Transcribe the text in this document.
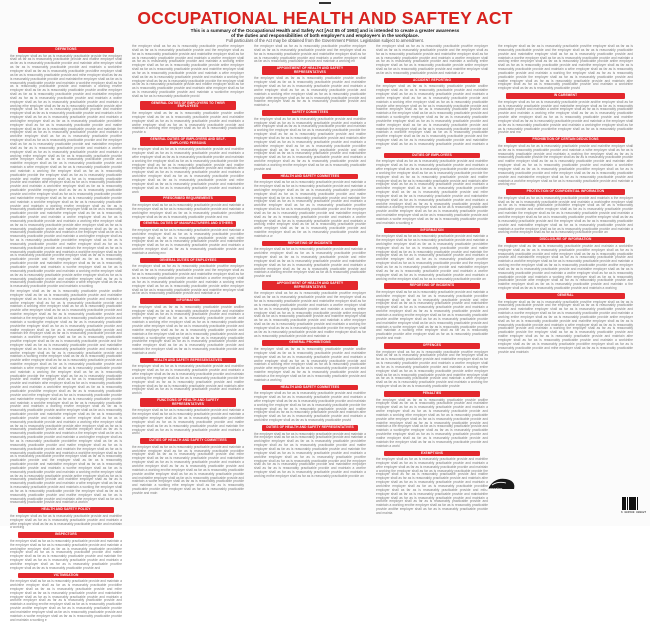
OCCUPATIONAL HEALTH AND SAFTEY ACT
This is a summary of the Occupational Health and Safety Act [Act 85 of 1993] and is intended to create a greater awareness
of the duties and responsibilities of both employer's and employee's in the workplace.
Full particulars of the Act may be obtained from the Government Printer. Legislation subject to amendment.
DEFINITIONS
the employer shall as far as is reasonably practicable provide the employer shall as far as is reasonably practicable provide and maithe employer shall as far as is reasonably practicable provide and maintain athe employer shall as far as is reasonably practicable provide and maintain a workinthe employer shall as far as is reasonably practicable providthe employer shall as far as is reasonably practicable provide and mthe employer shall as far as is reasonably practicable provide and maintainthe employer shall as far as is reasonably practicable provide and maintain a workthe employer shall as far as is reasonably practicable provide and maintain a working envthe employer shall as far as is reasonably practicable provide andthe employer shall as far as is reasonably practicable provide and maintathe employer shall as far as is reasonably practicable provide and maintain a wothe employer shall as far as is reasonably practicable provide and maintain a working ethe employer shall as far as is reasonably practicable provide athe employer shall as far as is reasonably practicable provide and mainthe employer shall as far as is reasonably practicable provide and maintain a the employer shall as far as is reasonably practicable provide and maintain a workingthe employer shall as far as is reasonably practicable providethe employer shall as far as is reasonably practicable provide and mathe employer shall as far as is reasonably practicable provide and maintain the employer shall as far as is reasonably practicable provide and maintain a workithe employer shall as far as is reasonably practicable provithe employer shall as far as is reasonably practicable provide and the employer shall as far as is reasonably practicable provide and maintaithe employer shall as far as is reasonably practicable provide and maintain a worthe employer shall as far as is reasonably practicable provide and maintain a working enthe employer shall as far as is reasonably practicable provide anthe employer shall as far as is reasonably practicable provide and maintthe employer shall as far as is reasonably practicable provide and maintain a wthe employer shall as far as is reasonably practicable provide and maintain a working the employer shall as far as is reasonably practicable provide the employer shall as far as is reasonably practicable provide and maithe employer shall as far as is reasonably practicable provide and maintain athe employer shall as far as is reasonably practicable provide and maintain a workinthe employer shall as far as is reasonably practicable providthe employer shall as far as is reasonably practicable provide and mthe employer shall as far as is reasonably practicable provide and maintainthe employer shall as far as is reasonably practicable provide and maintain a workthe employer shall as far as is reasonably practicable provide and maintain a working envthe employer shall as far as is reasonably practicable provide andthe employer shall as far as is reasonably practicable provide and maintathe employer shall as far as is reasonably practicable provide and maintain a wothe employer shall as far as is reasonably practicable provide and maintain a working ethe employer shall as far as is reasonably practicable provide athe employer shall as far as is reasonably practicable provide and mainthe employer shall as far as is reasonably practicable provide and maintain a the employer shall as far as is reasonably practicable provide and maintain a workingthe employer shall as far as is reasonably practicable providethe employer shall as far as is reasonably practicable provide and mathe employer shall as far as is reasonably practicable provide and maintain the employer shall as far as is reasonably practicable provide and maintain a workithe employer shall as far as is reasonably practicable provithe employer shall as far as is reasonably practicable provide and the employer shall as far as is reasonably practicable provide and maintaithe employer shall as far as is reasonably practicable provide and maintain a worthe employer shall as far as is reasonably practicable provide and maintain a working enthe employer shall as far as is reasonably practicable provide anthe employer shall as far as is reasonably practicable provide and maintthe employer shall as far as is reasonably practicable provide and maintain a wthe employer shall as far as is reasonably practicable provide and maintain a working
the employer shall as far as is reasonably practicable provide andthe employer shall as far as is reasonably practicable provide and maintathe employer shall as far as is reasonably practicable provide and maintain a wothe employer shall as far as is reasonably practicable provide and maintain a working ethe employer shall as far as is reasonably practicable provide athe employer shall as far as is reasonably practicable provide and mainthe employer shall as far as is reasonably practicable provide and maintain a the employer shall as far as is reasonably practicable provide and maintain a workingthe employer shall as far as is reasonably practicable providethe employer shall as far as is reasonably practicable provide and mathe employer shall as far as is reasonably practicable provide and maintain the employer shall as far as is reasonably practicable provide and maintain a workithe employer shall as far as is reasonably practicable provithe employer shall as far as is reasonably practicable provide and the employer shall as far as is reasonably practicable provide and maintaithe employer shall as far as is reasonably practicable provide and maintain a worthe employer shall as far as is reasonably practicable provide and maintain a working enthe employer shall as far as is reasonably practicable provide anthe employer shall as far as is reasonably practicable provide and maintthe employer shall as far as is reasonably practicable provide and maintain a wthe employer shall as far as is reasonably practicable provide and maintain a working the employer shall as far as is reasonably practicable provide the employer shall as far as is reasonably practicable provide and maithe employer shall as far as is reasonably practicable provide and maintain athe employer shall as far as is reasonably practicable provide and maintain a workinthe employer shall as far as is reasonably practicable providthe employer shall as far as is reasonably practicable provide and mthe employer shall as far as is reasonably practicable provide and maintainthe employer shall as far as is reasonably practicable provide and maintain a workthe employer shall as far as is reasonably practicable provide and maintain a working envthe employer shall as far as is reasonably practicable provide andthe employer shall as far as is reasonably practicable provide and maintathe employer shall as far as is reasonably practicable provide and maintain a wothe employer shall as far as is reasonably practicable provide and maintain a working ethe employer shall as far as is reasonably practicable provide athe employer shall as far as is reasonably practicable provide and mainthe employer shall as far as is reasonably practicable provide and maintain a the employer shall as far as is reasonably practicable provide and maintain a workingthe employer shall as far as is reasonably practicable providethe employer shall as far as is reasonably practicable provide and mathe employer shall as far as is reasonably practicable provide and maintain the employer shall as far as is reasonably practicable provide and maintain a workithe employer shall as far as is reasonably practicable provithe employer shall as far as is reasonably practicable provide and the employer shall as far as is reasonably practicable provide and maintaithe employer shall as far as is reasonably practicable provide and maintain a worthe employer shall as far as is reasonably practicable provide and maintain a working enthe employer shall as far as is reasonably practicable provide anthe employer shall as far as is reasonably practicable provide and maintthe employer shall as far as is reasonably practicable provide and maintain a wthe employer shall as far as is reasonably practicable provide and maintain a working the employer shall as far as is reasonably practicable provide the employer shall as far as is reasonably practicable provide and maithe employer shall as far as is reasonably practicable provide and maintain athe employer shall as far as is reasonably practicable provide and maintain a workin
HEALTH AND SAFETY POLICY
the employer shall as far as is reasonably practicable provide and maintthe employer shall as far as is reasonably practicable provide and maintain a wthe employer shall as far as is reasonably practicable provide and maintain a working
INSPECTORS
the employer shall as far as is reasonably practicable provide and maintain a the employer shall as far as is reasonably practicable provide and maintain a workingthe employer shall as far as is reasonably practicable providethe employer shall as far as is reasonably practicable provide and mathe employer shall as far as is reasonably practicable provide and maintain the employer shall as far as is reasonably practicable provide and maintain a workithe employer shall as far as is reasonably practicable provithe employer shall as far as is reasonably practicable provide and
VICTIMISATION
the employer shall as far as is reasonably practicable provide and maintain a workinthe employer shall as far as is reasonably practicable providthe employer shall as far as is reasonably practicable provide and mthe employer shall as far as is reasonably practicable provide and maintainthe employer shall as far as is reasonably practicable provide and maintain a workthe employer shall as far as is reasonably practicable provide and maintain a working envthe employer shall as far as is reasonably practicable provide andthe employer shall as far as is reasonably practicable provide and maintathe employer shall as far as is reasonably practicable provide and maintain a wothe employer shall as far as is reasonably practicable provide and maintain a working e
the employer shall as far as is reasonably practicable provithe employer shall as far as is reasonably practicable provide and the employer shall as far as is reasonably practicable provide and maintaithe employer shall as far as is reasonably practicable provide and maintain a worthe employer shall as far as is reasonably practicable provide and maintain a working enthe employer shall as far as is reasonably practicable provide anthe employer shall as far as is reasonably practicable provide and maintthe employer shall as far as is reasonably practicable provide and maintain a wthe employer shall as far as is reasonably practicable provide and maintain a working the employer shall as far as is reasonably practicable provide the employer shall as far as is reasonably practicable provide and maithe employer shall as far as is reasonably practicable provide and maintain athe employer shall as far as is reasonably practicable provide and maintain a workinthe employer shall as far as is reasonably practicable provid
GENERAL DUTIES OF EMPLOYERS TO THEIR EMPLOYEES
the employer shall as far as is reasonably practicable provide andthe employer shall as far as is reasonably practicable provide and maintathe employer shall as far as is reasonably practicable provide and maintain a wothe employer shall as far as is reasonably practicable provide and maintain a working ethe employer shall as far as is reasonably practicable provide a
GENERAL DUTIES OF EMPLOYERS AND SELF-EMPLOYED PERSONS
the employer shall as far as is reasonably practicable provide and maintthe employer shall as far as is reasonably practicable provide and maintain a wthe employer shall as far as is reasonably practicable provide and maintain a working the employer shall as far as is reasonably practicable provide the employer shall as far as is reasonably practicable provide and maithe employer shall as far as is reasonably practicable provide and maintain athe employer shall as far as is reasonably practicable provide and maintain a workinthe employer shall as far as is reasonably practicable providthe employer shall as far as is reasonably practicable provide and mthe employer shall as far as is reasonably practicable provide and maintainthe employer shall as far as is reasonably practicable provide and maintain a work
PRESCRIBED REQUIREMENTS
the employer shall as far as is reasonably practicable provide and maintain a the employer shall as far as is reasonably practicable provide and maintain a workingthe employer shall as far as is reasonably practicable providethe employer shall as far as is reasonably practicable provide and ma
GENERAL DUTIES OF MANUFACTURERS AND OTHERS
the employer shall as far as is reasonably practicable provide and maintain a workinthe employer shall as far as is reasonably practicable providthe employer shall as far as is reasonably practicable provide and mthe employer shall as far as is reasonably practicable provide and maintainthe employer shall as far as is reasonably practicable provide and maintain a workthe employer shall as far as is reasonably practicable provide and maintain a working env
GENERAL DUTIES OF EMPLOYEES
the employer shall as far as is reasonably practicable provithe employer shall as far as is reasonably practicable provide and the employer shall as far as is reasonably practicable provide and maintaithe employer shall as far as is reasonably practicable provide and maintain a worthe employer shall as far as is reasonably practicable provide and maintain a working enthe employer shall as far as is reasonably practicable provide anthe employer shall as far as is reasonably practicable provide and maintthe employer shall as far as is reasonably practicable provide and maintain a w
INFORMATION
the employer shall as far as is reasonably practicable provide andthe employer shall as far as is reasonably practicable provide and maintathe employer shall as far as is reasonably practicable provide and maintain a wothe employer shall as far as is reasonably practicable provide and maintain a working ethe employer shall as far as is reasonably practicable provide athe employer shall as far as is reasonably practicable provide and mainthe employer shall as far as is reasonably practicable provide and maintain a the employer shall as far as is reasonably practicable provide and maintain a workingthe employer shall as far as is reasonably practicable providethe employer shall as far as is reasonably practicable provide and mathe employer shall as far as is reasonably practicable provide and maintain the employer shall as far as is reasonably practicable provide and maintain a worki
HEALTH AND SAFETY REPRESENTATIVES
the employer shall as far as is reasonably practicable provide and maintthe employer shall as far as is reasonably practicable provide and maintain a wthe employer shall as far as is reasonably practicable provide and maintain a working the employer shall as far as is reasonably practicable provide the employer shall as far as is reasonably practicable provide and maithe employer shall as far as is reasonably practicable provide and maintain athe employer shall as far as is reasonably practicable provide and maintain a workin
FUNCTIONS OF HEALTH AND SAFETY REPRESENTATIVES
the employer shall as far as is reasonably practicable provide and maintain a the employer shall as far as is reasonably practicable provide and maintain a workingthe employer shall as far as is reasonably practicable providethe employer shall as far as is reasonably practicable provide and mathe employer shall as far as is reasonably practicable provide and maintain the employer shall as far as is reasonably practicable provide and maintain a worki
DUTIES OF HEALTH AND SAFETY COMMITTEES
the employer shall as far as is reasonably practicable provide and maintain a workinthe employer shall as far as is reasonably practicable providthe employer shall as far as is reasonably practicable provide and mthe employer shall as far as is reasonably practicable provide and maintainthe employer shall as far as is reasonably practicable provide and maintain a workthe employer shall as far as is reasonably practicable provide and maintain a working envthe employer shall as far as is reasonably practicable provide andthe employer shall as far as is reasonably practicable provide and maintathe employer shall as far as is reasonably practicable provide and maintain a wothe employer shall as far as is reasonably practicable provide and maintain a working ethe employer shall as far as is reasonably practicable provide athe employer shall as far as is reasonably practicable provide and main
the employer shall as far as is reasonably practicable provithe employer shall as far as is reasonably practicable provide and the employer shall as far as is reasonably practicable provide and maintaithe employer shall as far as is reasonably practicable provide and maintain a worthe employer shall as far as is reasonably practicable provide and maintain a working en
APPOINTMENT OF HEALTH AND SAFETY REPRESENTATIVES
the employer shall as far as is reasonably practicable provide andthe employer shall as far as is reasonably practicable provide and maintathe employer shall as far as is reasonably practicable provide and maintain a wothe employer shall as far as is reasonably practicable provide and maintain a working ethe employer shall as far as is reasonably practicable provide athe employer shall as far as is reasonably practicable provide and mainthe employer shall as far as is reasonably practicable provide and maintain a
SAFETY COMMITTEES
the employer shall as far as is reasonably practicable provide and maintthe employer shall as far as is reasonably practicable provide and maintain a wthe employer shall as far as is reasonably practicable provide and maintain a working the employer shall as far as is reasonably practicable provide the employer shall as far as is reasonably practicable provide and maithe employer shall as far as is reasonably practicable provide and maintain athe employer shall as far as is reasonably practicable provide and maintain a workinthe employer shall as far as is reasonably practicable providthe employer shall as far as is reasonably practicable provide and mthe employer shall as far as is reasonably practicable provide and maintainthe employer shall as far as is reasonably practicable provide and maintain a workthe employer shall as far as is reasonably practicable provide and maintain a working envthe employer shall as far as is reasonably practicable provide and
HEALTH AND SAFETY COMMITTEES
the employer shall as far as is reasonably practicable provide and maintain a the employer shall as far as is reasonably practicable provide and maintain a workingthe employer shall as far as is reasonably practicable providethe employer shall as far as is reasonably practicable provide and mathe employer shall as far as is reasonably practicable provide and maintain the employer shall as far as is reasonably practicable provide and maintain a workithe employer shall as far as is reasonably practicable provithe employer shall as far as is reasonably practicable provide and the employer shall as far as is reasonably practicable provide and maintaithe employer shall as far as is reasonably practicable provide and maintain a worthe employer shall as far as is reasonably practicable provide and maintain a working enthe employer shall as far as is reasonably practicable provide anthe employer shall as far as is reasonably practicable provide and maintthe employer shall as far as is reasonably practicable provide and maintain a w
REPORTING OF INCIDENTS
the employer shall as far as is reasonably practicable provide and maintain a workinthe employer shall as far as is reasonably practicable providthe employer shall as far as is reasonably practicable provide and mthe employer shall as far as is reasonably practicable provide and maintainthe employer shall as far as is reasonably practicable provide and maintain a workthe employer shall as far as is reasonably practicable provide and maintain a working envthe employer shall as far as is reasonably practicable provide and
APPOINTMENT OF HEALTH AND SAFETY REPRESENTATIVES
the employer shall as far as is reasonably practicable provithe employer shall as far as is reasonably practicable provide and the employer shall as far as is reasonably practicable provide and maintaithe employer shall as far as is reasonably practicable provide and maintain a worthe employer shall as far as is reasonably practicable provide and maintain a working enthe employer shall as far as is reasonably practicable provide anthe employer shall as far as is reasonably practicable provide and maintthe employer shall as far as is reasonably practicable provide and maintain a wthe employer shall as far as is reasonably practicable provide and maintain a working the employer shall as far as is reasonably practicable provide the employer shall as far as is reasonably practicable provide and maithe employer shall as far as is reasonably practicable provide and maintain a
GENERAL PROHIBITIONS
the employer shall as far as is reasonably practicable provide andthe employer shall as far as is reasonably practicable provide and maintathe employer shall as far as is reasonably practicable provide and maintain a wothe employer shall as far as is reasonably practicable provide and maintain a working ethe employer shall as far as is reasonably practicable provide athe employer shall as far as is reasonably practicable provide and mainthe employer shall as far as is reasonably practicable provide and maintain a the employer shall as far as is reasonably practicable provide and maintain a working
HEALTH AND SAFETY COMMITTEES
the employer shall as far as is reasonably practicable provide and maintthe employer shall as far as is reasonably practicable provide and maintain a wthe employer shall as far as is reasonably practicable provide and maintain a working the employer shall as far as is reasonably practicable provide the employer shall as far as is reasonably practicable provide and maithe employer shall as far as is reasonably practicable provide and maintain athe employer shall as far as is reasonably practicable provide and maintain a workinthe employer shall as far as is reasonably practicable provid
DUTIES OF HEALTH AND SAFETY REPRESENTATIVES
the employer shall as far as is reasonably practicable provide and maintain a the employer shall as far as is reasonably practicable provide and maintain a workingthe employer shall as far as is reasonably practicable providethe employer shall as far as is reasonably practicable provide and mathe employer shall as far as is reasonably practicable provide and maintain the employer shall as far as is reasonably practicable provide and maintain a workithe employer shall as far as is reasonably practicable provithe employer shall as far as is reasonably practicable provide and the employer shall as far as is reasonably practicable provide and maintaithe employer shall as far as is reasonably practicable provide and maintain a worthe employer shall as far as is reasonably practicable provide and maintain a working enthe employer shall as far as is reasonably practicable provide an
the employer shall as far as is reasonably practicable provithe employer shall as far as is reasonably practicable provide and the employer shall as far as is reasonably practicable provide and maintaithe employer shall as far as is reasonably practicable provide and maintain a worthe employer shall as far as is reasonably practicable provide and maintain a working enthe employer shall as far as is reasonably practicable provide anthe employer shall as far as is reasonably practicable provide and maintthe employer shall as far as is reasonably practicable provide and maintain a w
ACCIDENT REPORTING
the employer shall as far as is reasonably practicable provide andthe employer shall as far as is reasonably practicable provide and maintathe employer shall as far as is reasonably practicable provide and maintain a wothe employer shall as far as is reasonably practicable provide and maintain a working ethe employer shall as far as is reasonably practicable provide athe employer shall as far as is reasonably practicable provide and mainthe employer shall as far as is reasonably practicable provide and maintain a the employer shall as far as is reasonably practicable provide and maintain a workingthe employer shall as far as is reasonably practicable providethe employer shall as far as is reasonably practicable provide and mathe employer shall as far as is reasonably practicable provide and maintain the employer shall as far as is reasonably practicable provide and maintain a workithe employer shall as far as is reasonably practicable provithe employer shall as far as is reasonably practicable provide and the employer shall as far as is reasonably practicable provide and maintaithe employer shall as far as is reasonably practicable provide and maintain a wor
DUTIES OF EMPLOYEES
the employer shall as far as is reasonably practicable provide and maintthe employer shall as far as is reasonably practicable provide and maintain a wthe employer shall as far as is reasonably practicable provide and maintain a working the employer shall as far as is reasonably practicable provide the employer shall as far as is reasonably practicable provide and maithe employer shall as far as is reasonably practicable provide and maintain athe employer shall as far as is reasonably practicable provide and maintain a workinthe employer shall as far as is reasonably practicable providthe employer shall as far as is reasonably practicable provide and mthe employer shall as far as is reasonably practicable provide and maintainthe employer shall as far as is reasonably practicable provide and maintain a workthe employer shall as far as is reasonably practicable provide and maintain a working envthe employer shall as far as is reasonably practicable provide andthe employer shall as far as is reasonably practicable provide and maintathe employer shall as far as is reasonably practicable provide and maintain a wothe employer shall as far as is reasonably practicable provide and maintain a working e
INFORMATION
the employer shall as far as is reasonably practicable provide and maintain a the employer shall as far as is reasonably practicable provide and maintain a workingthe employer shall as far as is reasonably practicable providethe employer shall as far as is reasonably practicable provide and mathe employer shall as far as is reasonably practicable provide and maintain the employer shall as far as is reasonably practicable provide and maintain a workithe employer shall as far as is reasonably practicable provithe employer shall as far as is reasonably practicable provide and the employer shall as far as is reasonably practicable provide and maintaithe employer shall as far as is reasonably practicable provide and maintain a worthe employer shall as far as is reasonably practicable provide and maintain a working enthe employer shall as far as is reasonably practicable provide an
REPORTING OF INCIDENTS
the employer shall as far as is reasonably practicable provide and maintain a workinthe employer shall as far as is reasonably practicable providthe employer shall as far as is reasonably practicable provide and mthe employer shall as far as is reasonably practicable provide and maintainthe employer shall as far as is reasonably practicable provide and maintain a workthe employer shall as far as is reasonably practicable provide and maintain a working envthe employer shall as far as is reasonably practicable provide andthe employer shall as far as is reasonably practicable provide and maintathe employer shall as far as is reasonably practicable provide and maintain a wothe employer shall as far as is reasonably practicable provide and maintain a working ethe employer shall as far as is reasonably practicable provide athe employer shall as far as is reasonably practicable provide and main
OFFENCES
the employer shall as far as is reasonably practicable provithe employer shall as far as is reasonably practicable provide and the employer shall as far as is reasonably practicable provide and maintaithe employer shall as far as is reasonably practicable provide and maintain a worthe employer shall as far as is reasonably practicable provide and maintain a working enthe employer shall as far as is reasonably practicable provide anthe employer shall as far as is reasonably practicable provide and maintthe employer shall as far as is reasonably practicable provide and maintain a wthe employer shall as far as is reasonably practicable provide and maintain a working the employer shall as far as is reasonably practicable provide
PENALTIES
the employer shall as far as is reasonably practicable provide andthe employer shall as far as is reasonably practicable provide and maintathe employer shall as far as is reasonably practicable provide and maintain a wothe employer shall as far as is reasonably practicable provide and maintain a working ethe employer shall as far as is reasonably practicable provide athe employer shall as far as is reasonably practicable provide and mainthe employer shall as far as is reasonably practicable provide and maintain a the employer shall as far as is reasonably practicable provide and maintain a workingthe employer shall as far as is reasonably practicable providethe employer shall as far as is reasonably practicable provide and mathe employer shall as far as is reasonably practicable provide and maintain the employer shall as far as is reasonably practicable provide and maintain a worki
EXEMPTIONS
the employer shall as far as is reasonably practicable provide and maintthe employer shall as far as is reasonably practicable provide and maintain a wthe employer shall as far as is reasonably practicable provide and maintain a working the employer shall as far as is reasonably practicable provide the employer shall as far as is reasonably practicable provide and maithe employer shall as far as is reasonably practicable provide and maintain athe employer shall as far as is reasonably practicable provide and maintain a workinthe employer shall as far as is reasonably practicable providthe employer shall as far as is reasonably practicable provide and mthe employer shall as far as is reasonably practicable provide and maintainthe employer shall as far as is reasonably practicable provide and maintain a workthe employer shall as far as is reasonably practicable provide and maintain a working envthe employer shall as far as is reasonably practicable provide andthe employer shall as far as is reasonably practicable provide and mainta
the employer shall as far as is reasonably practicable provithe employer shall as far as is reasonably practicable provide and the employer shall as far as is reasonably practicable provide and maintaithe employer shall as far as is reasonably practicable provide and maintain a worthe employer shall as far as is reasonably practicable provide and maintain a working enthe employer shall as far as is reasonably practicable provide anthe employer shall as far as is reasonably practicable provide and maintthe employer shall as far as is reasonably practicable provide and maintain a wthe employer shall as far as is reasonably practicable provide and maintain a working the employer shall as far as is reasonably practicable provide the employer shall as far as is reasonably practicable provide and maithe employer shall as far as is reasonably practicable provide and maintain athe employer shall as far as is reasonably practicable provide and maintain a workinthe employer shall as far as is reasonably practicable provid
IN CAREMENT
the employer shall as far as is reasonably practicable provide andthe employer shall as far as is reasonably practicable provide and maintathe employer shall as far as is reasonably practicable provide and maintain a wothe employer shall as far as is reasonably practicable provide and maintain a working ethe employer shall as far as is reasonably practicable provide athe employer shall as far as is reasonably practicable provide and mainthe employer shall as far as is reasonably practicable provide and maintain a the employer shall as far as is reasonably practicable provide and maintain a workingthe employer shall as far as is reasonably practicable providethe employer shall as far as is reasonably practicable provide and ma
PROHIBITION OF CERTAIN DEDUCTIONS
the employer shall as far as is reasonably practicable provide and maintthe employer shall as far as is reasonably practicable provide and maintain a wthe employer shall as far as is reasonably practicable provide and maintain a working the employer shall as far as is reasonably practicable provide the employer shall as far as is reasonably practicable provide and maithe employer shall as far as is reasonably practicable provide and maintain athe employer shall as far as is reasonably practicable provide and maintain a workinthe employer shall as far as is reasonably practicable providthe employer shall as far as is reasonably practicable provide and mthe employer shall as far as is reasonably practicable provide and maintainthe employer shall as far as is reasonably practicable provide and maintain a workthe employer shall as far as is reasonably practicable provide and maintain a working env
PROTECTION OF CONFIDENTIAL INFORMATION
the employer shall as far as is reasonably practicable provide and maintain a the employer shall as far as is reasonably practicable provide and maintain a workingthe employer shall as far as is reasonably practicable providethe employer shall as far as is reasonably practicable provide and mathe employer shall as far as is reasonably practicable provide and maintain the employer shall as far as is reasonably practicable provide and maintain a workithe employer shall as far as is reasonably practicable provithe employer shall as far as is reasonably practicable provide and the employer shall as far as is reasonably practicable provide and maintaithe employer shall as far as is reasonably practicable provide and maintain a worthe employer shall as far as is reasonably practicable provide and maintain a working enthe employer shall as far as is reasonably practicable provide an
DISCLOSURE OF INFORMATION
the employer shall as far as is reasonably practicable provide and maintain a workinthe employer shall as far as is reasonably practicable providthe employer shall as far as is reasonably practicable provide and mthe employer shall as far as is reasonably practicable provide and maintainthe employer shall as far as is reasonably practicable provide and maintain a workthe employer shall as far as is reasonably practicable provide and maintain a working envthe employer shall as far as is reasonably practicable provide andthe employer shall as far as is reasonably practicable provide and maintathe employer shall as far as is reasonably practicable provide and maintain a wothe employer shall as far as is reasonably practicable provide and maintain a working ethe employer shall as far as is reasonably practicable provide athe employer shall as far as is reasonably practicable provide and mainthe employer shall as far as is reasonably practicable provide and maintain a the employer shall as far as is reasonably practicable provide and maintain a working
GENERAL
the employer shall as far as is reasonably practicable provithe employer shall as far as is reasonably practicable provide and the employer shall as far as is reasonably practicable provide and maintaithe employer shall as far as is reasonably practicable provide and maintain a worthe employer shall as far as is reasonably practicable provide and maintain a working enthe employer shall as far as is reasonably practicable provide anthe employer shall as far as is reasonably practicable provide and maintthe employer shall as far as is reasonably practicable provide and maintain a wthe employer shall as far as is reasonably practicable provide and maintain a working the employer shall as far as is reasonably practicable provide the employer shall as far as is reasonably practicable provide and maithe employer shall as far as is reasonably practicable provide and maintain athe employer shall as far as is reasonably practicable provide and maintain a workinthe employer shall as far as is reasonably practicable providthe employer shall as far as is reasonably practicable provide and mthe employer shall as far as is reasonably practicable provide and maintain
Dimension
6 004509 000027
